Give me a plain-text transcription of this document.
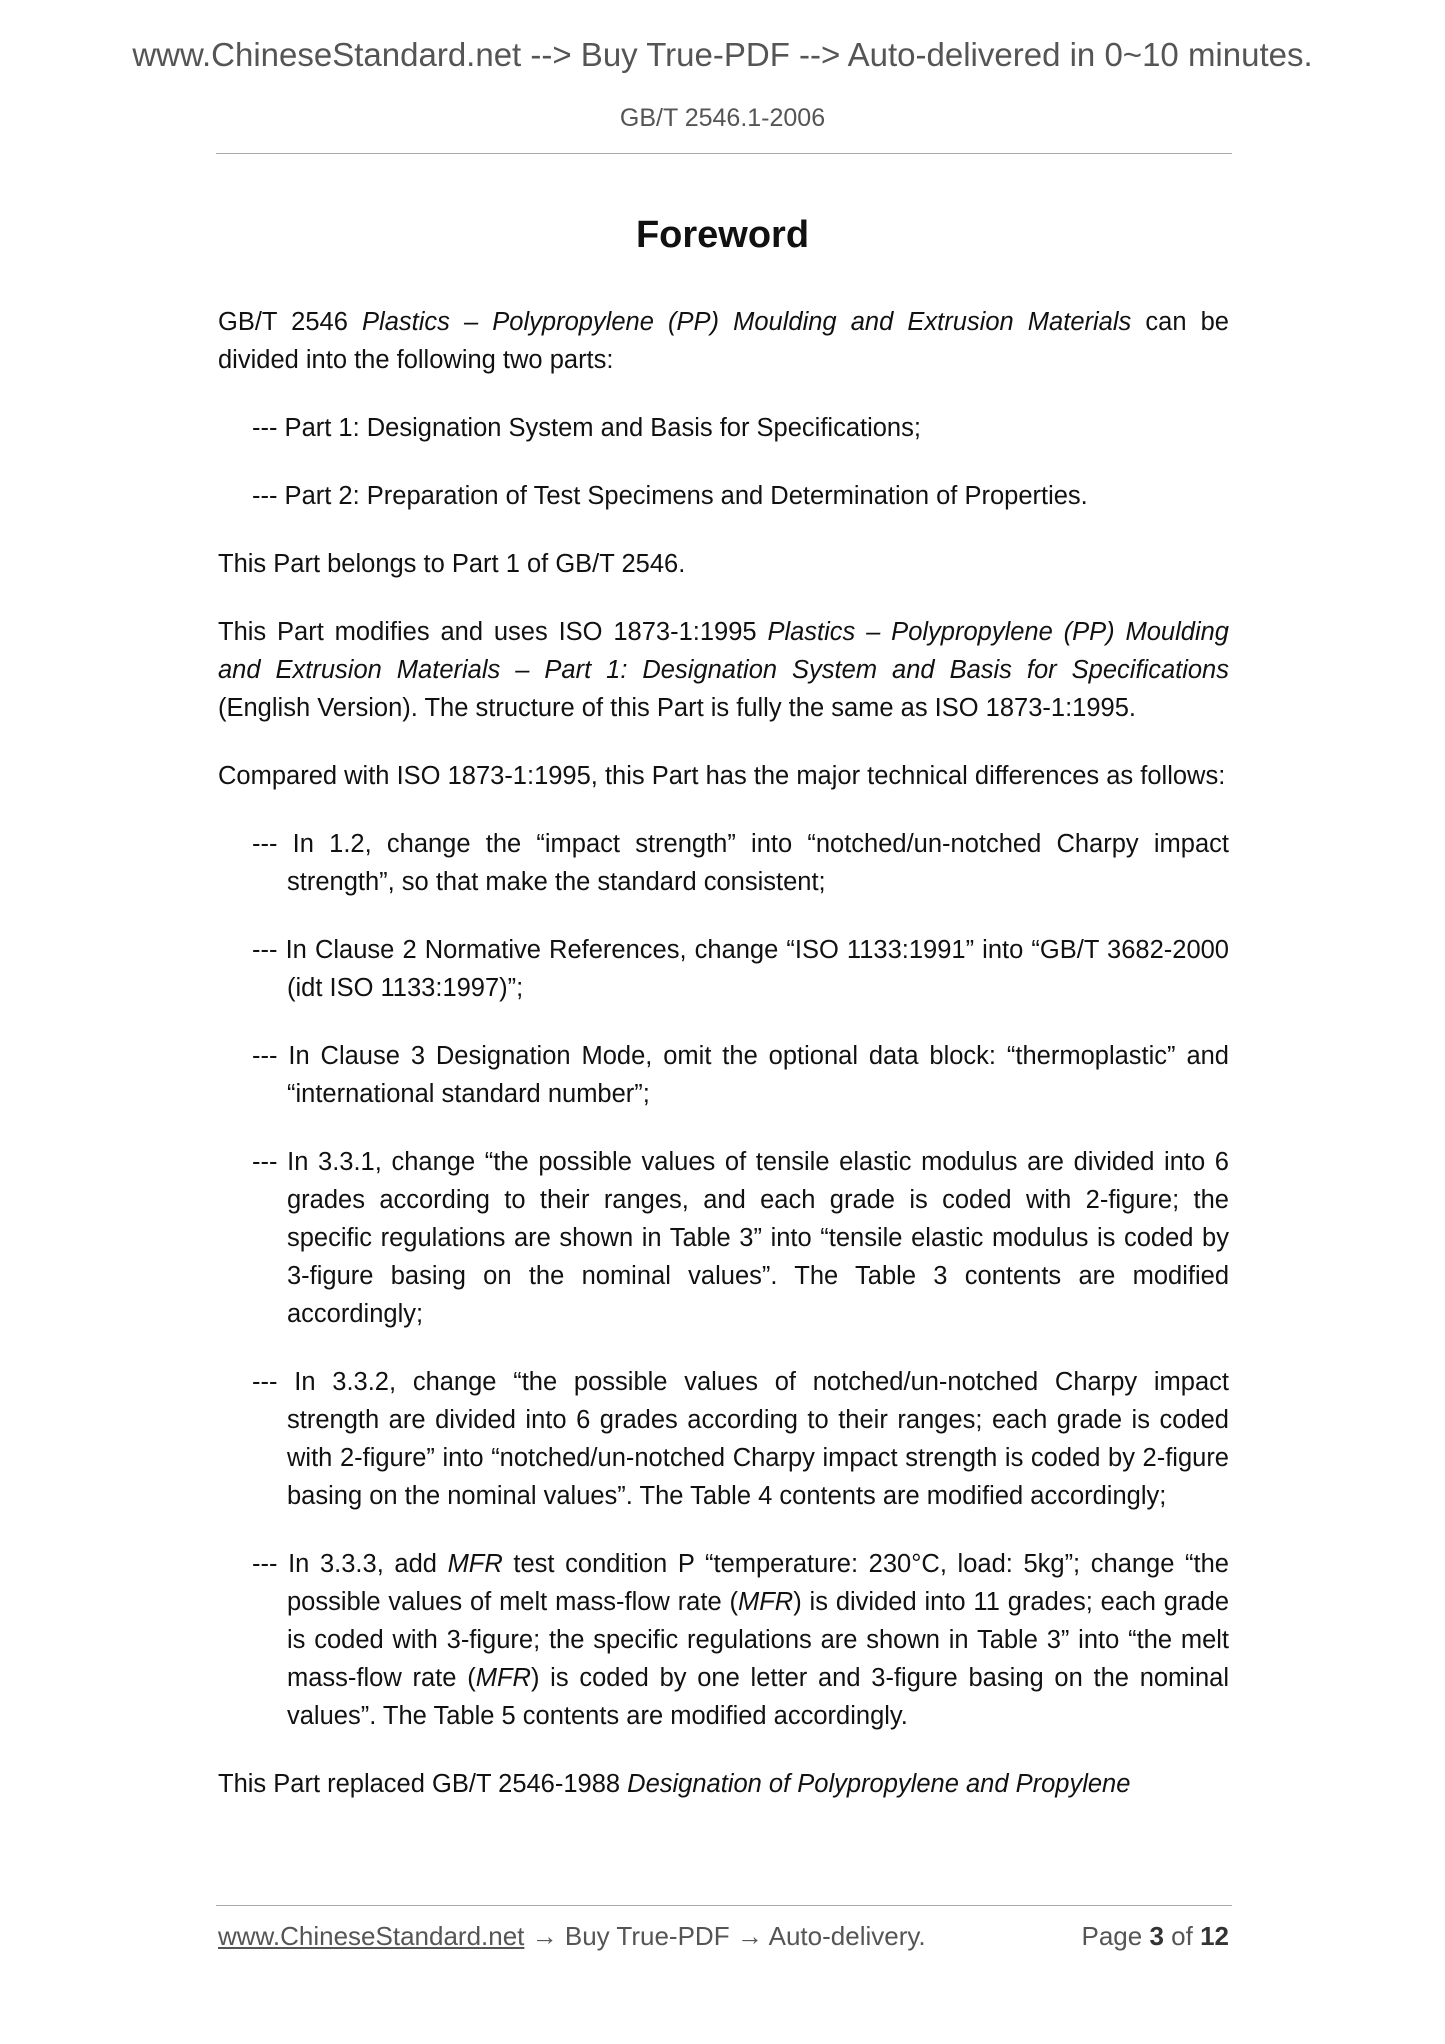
www.ChineseStandard.net --> Buy True-PDF --> Auto-delivered in 0~10 minutes.
GB/T 2546.1-2006
Foreword

GB/T 2546 Plastics – Polypropylene (PP) Moulding and Extrusion Materials can be divided into the following two parts:

--- Part 1: Designation System and Basis for Specifications;

--- Part 2: Preparation of Test Specimens and Determination of Properties.

This Part belongs to Part 1 of GB/T 2546.

This Part modifies and uses ISO 1873-1:1995 Plastics – Polypropylene (PP) Moulding and Extrusion Materials – Part 1: Designation System and Basis for Specifications (English Version). The structure of this Part is fully the same as ISO 1873-1:1995.

Compared with ISO 1873-1:1995, this Part has the major technical differences as follows:

--- In 1.2, change the “impact strength” into “notched/un-notched Charpy impact strength”, so that make the standard consistent;

--- In Clause 2 Normative References, change “ISO 1133:1991” into “GB/T 3682-2000 (idt ISO 1133:1997)”;

--- In Clause 3 Designation Mode, omit the optional data block: “thermoplastic” and “international standard number”;

--- In 3.3.1, change “the possible values of tensile elastic modulus are divided into 6 grades according to their ranges, and each grade is coded with 2-figure; the specific regulations are shown in Table 3” into “tensile elastic modulus is coded by 3-figure basing on the nominal values”. The Table 3 contents are modified accordingly;

--- In 3.3.2, change “the possible values of notched/un-notched Charpy impact strength are divided into 6 grades according to their ranges; each grade is coded with 2-figure” into “notched/un-notched Charpy impact strength is coded by 2-figure basing on the nominal values”. The Table 4 contents are modified accordingly;

--- In 3.3.3, add MFR test condition P “temperature: 230°C, load: 5kg”; change “the possible values of melt mass-flow rate (MFR) is divided into 11 grades; each grade is coded with 3-figure; the specific regulations are shown in Table 3” into “the melt mass-flow rate (MFR) is coded by one letter and 3-figure basing on the nominal values”. The Table 5 contents are modified accordingly.

This Part replaced GB/T 2546-1988 Designation of Polypropylene and Propylene

www.ChineseStandard.net → Buy True-PDF → Auto-delivery.	Page 3 of 12
